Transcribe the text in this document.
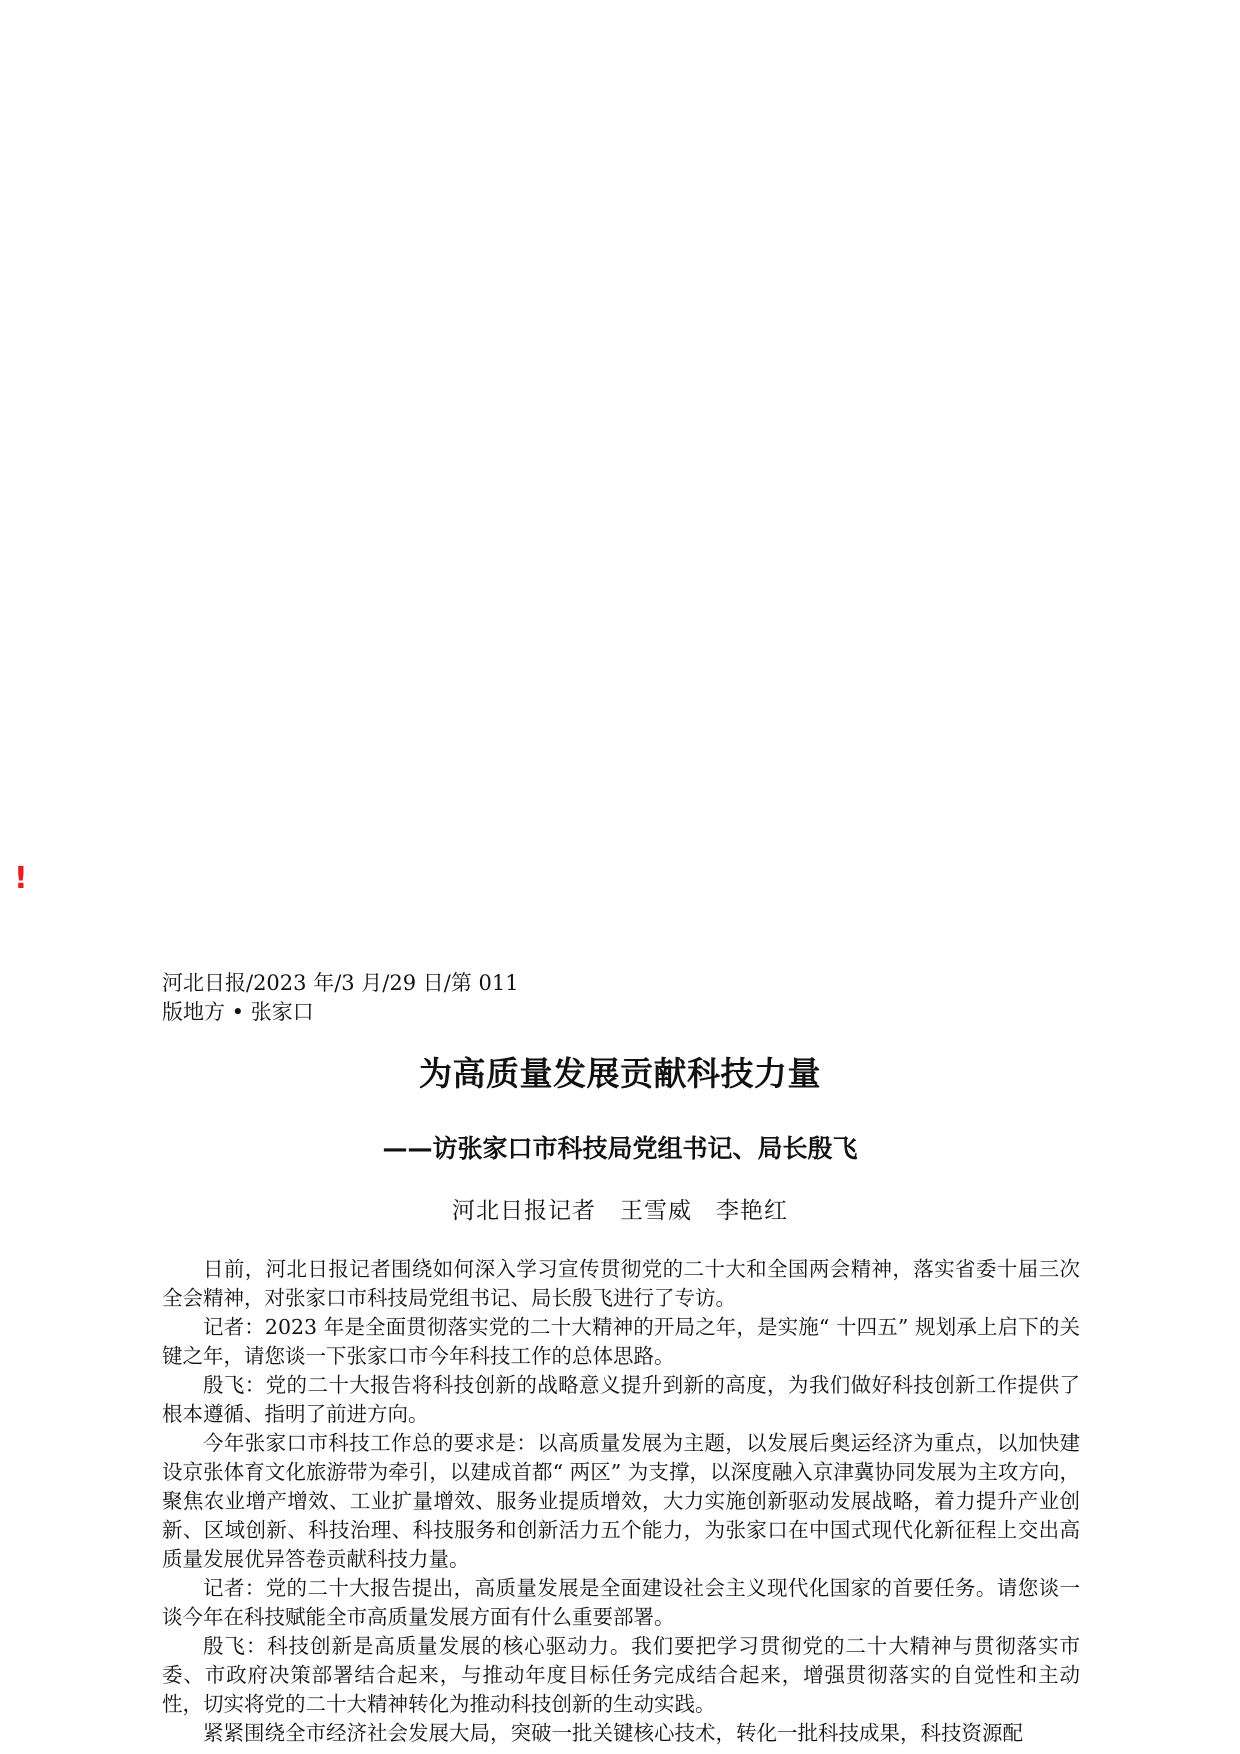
!
河北日报/2023 年/3 月/29 日/第 011
版地方 • 张家口
为高质量发展贡献科技力量
——访张家口市科技局党组书记、局长殷飞
河北日报记者　王雪威　李艳红

日前，河北日报记者围绕如何深入学习宣传贯彻党的二十大和全国两会精神，落实省委十届三次全会精神，对张家口市科技局党组书记、局长殷飞进行了专访。

记者：2023 年是全面贯彻落实党的二十大精神的开局之年，是实施“ 十四五” 规划承上启下的关键之年，请您谈一下张家口市今年科技工作的总体思路。

殷飞：党的二十大报告将科技创新的战略意义提升到新的高度，为我们做好科技创新工作提供了根本遵循、指明了前进方向。

今年张家口市科技工作总的要求是：以高质量发展为主题，以发展后奥运经济为重点，以加快建设京张体育文化旅游带为牵引，以建成首都“ 两区” 为支撑，以深度融入京津冀协同发展为主攻方向，聚焦农业增产增效、工业扩量增效、服务业提质增效，大力实施创新驱动发展战略，着力提升产业创新、区域创新、科技治理、科技服务和创新活力五个能力，为张家口在中国式现代化新征程上交出高质量发展优异答卷贡献科技力量。

记者：党的二十大报告提出，高质量发展是全面建设社会主义现代化国家的首要任务。请您谈一谈今年在科技赋能全市高质量发展方面有什么重要部署。

殷飞：科技创新是高质量发展的核心驱动力。我们要把学习贯彻党的二十大精神与贯彻落实市委、市政府决策部署结合起来，与推动年度目标任务完成结合起来，增强贯彻落实的自觉性和主动性，切实将党的二十大精神转化为推动科技创新的生动实践。

紧紧围绕全市经济社会发展大局，突破一批关键核心技术，转化一批科技成果，科技资源配
